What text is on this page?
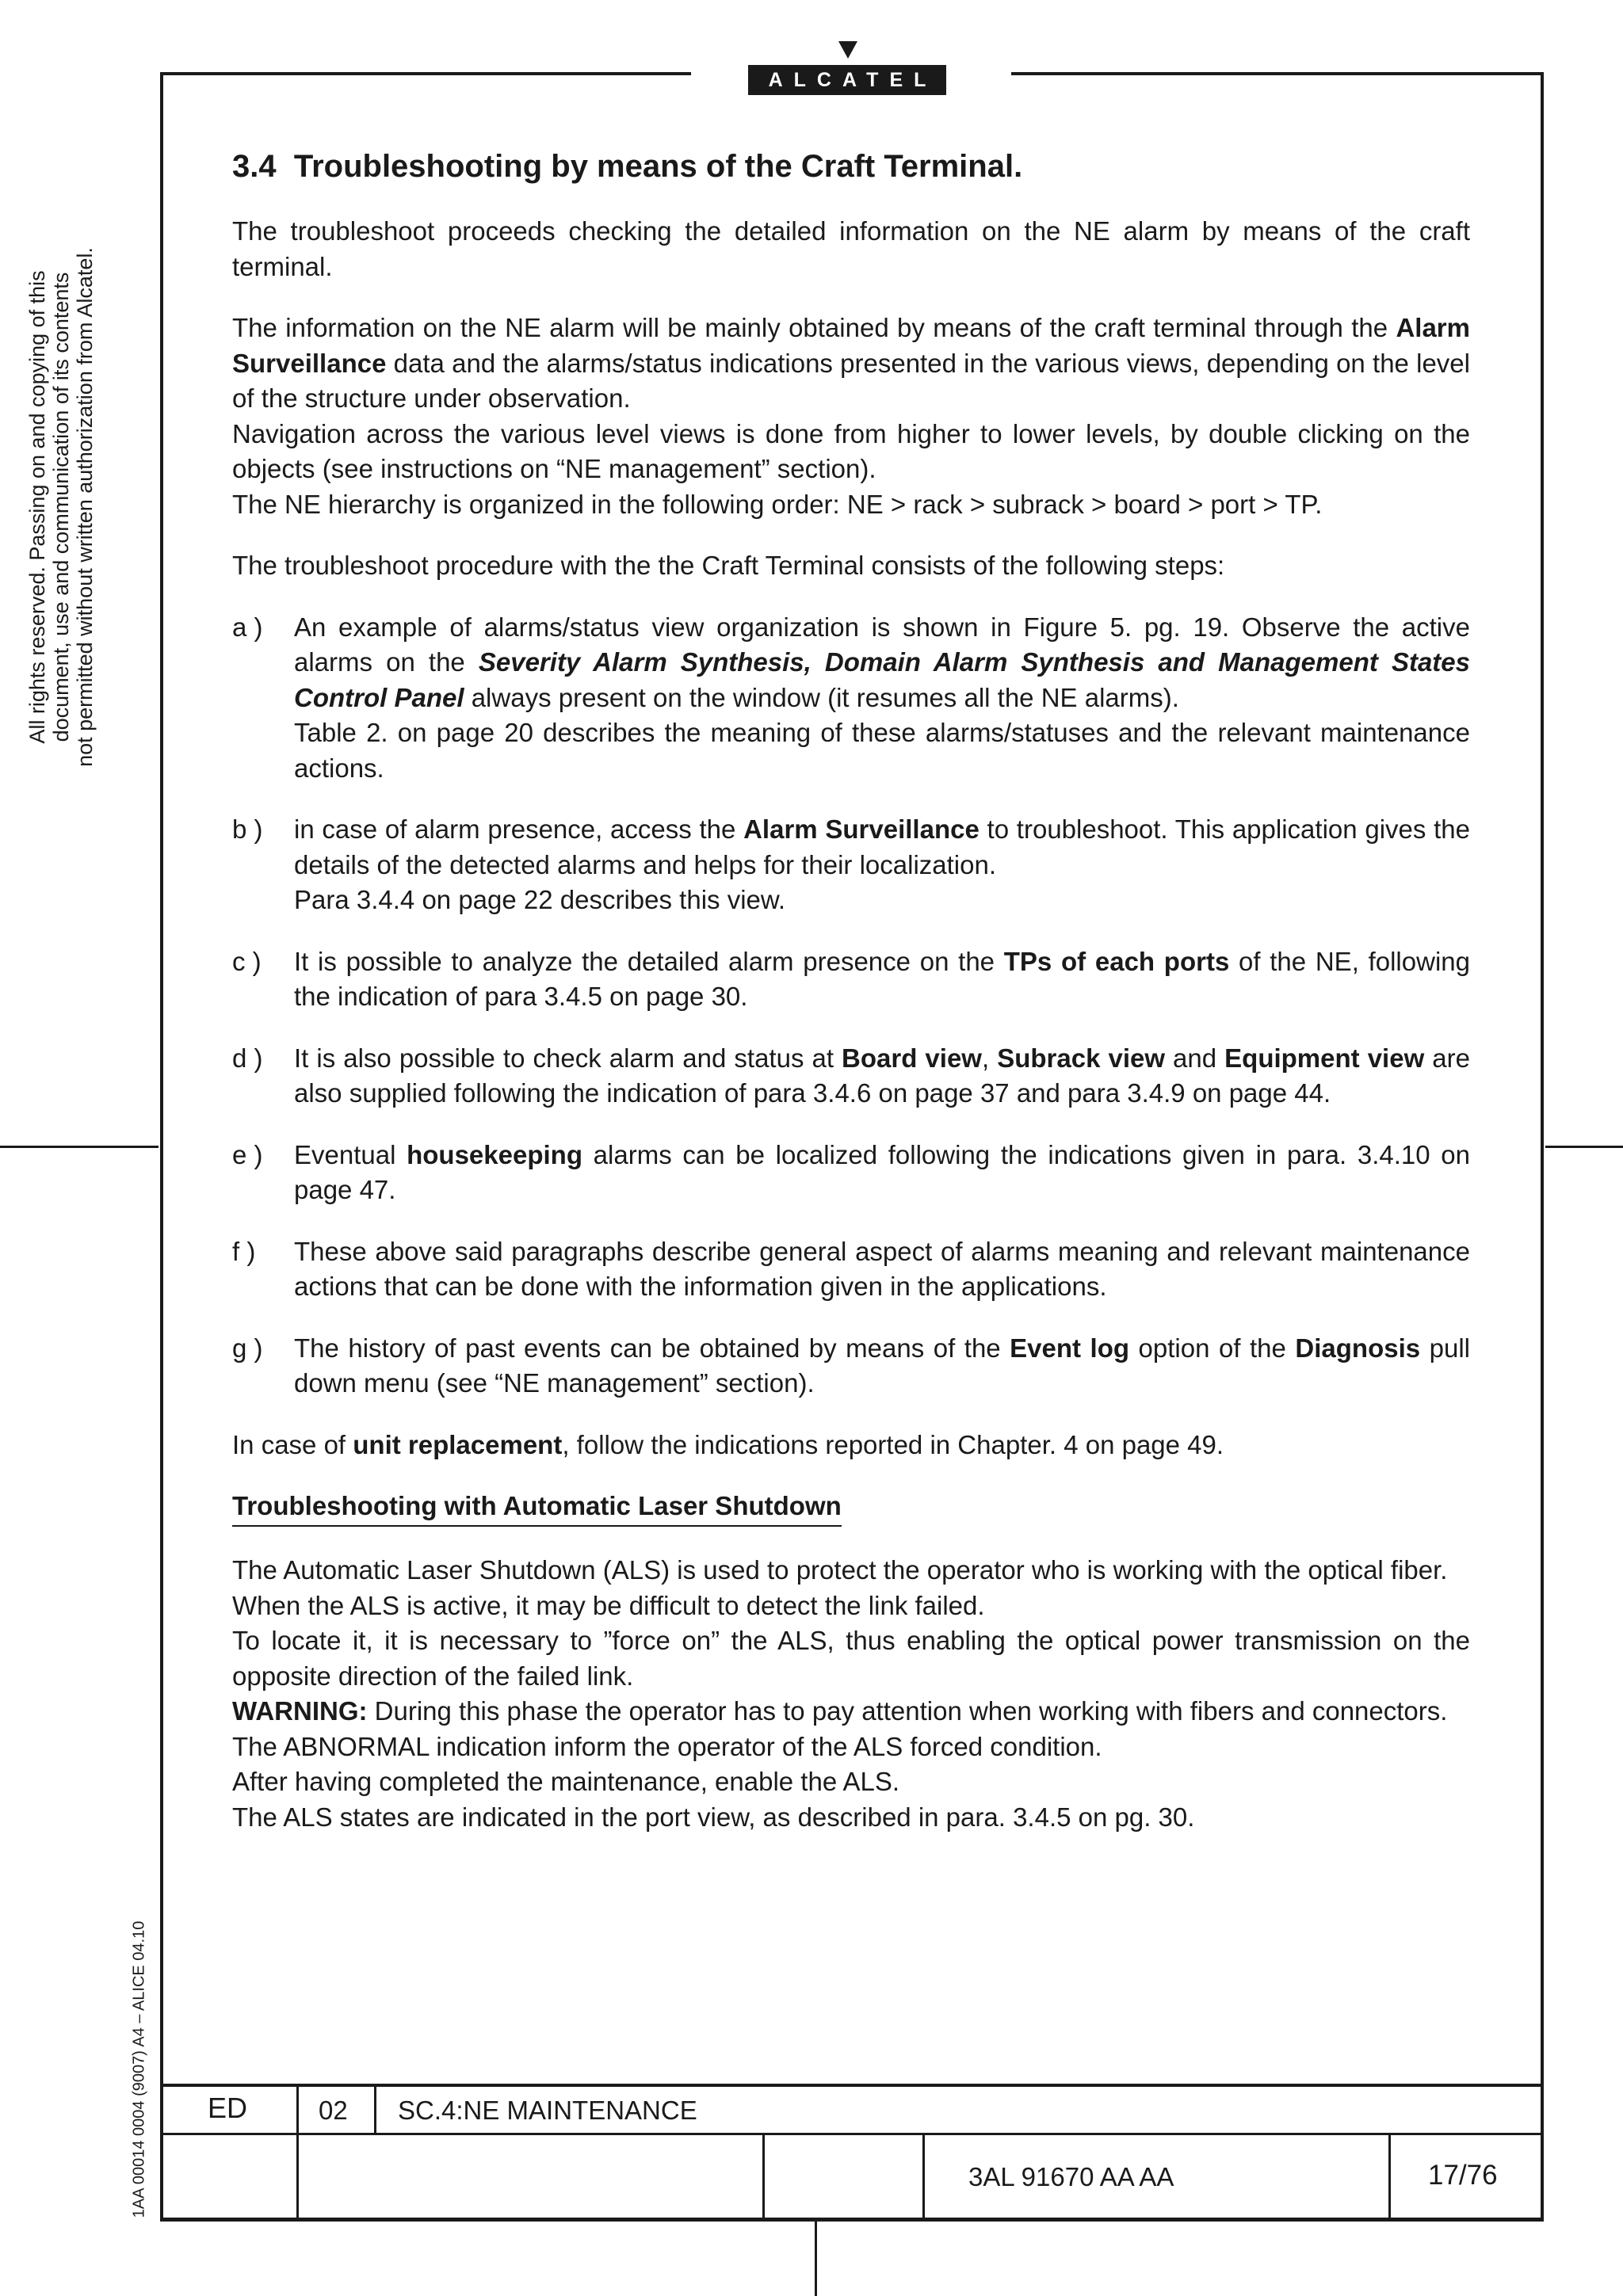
ALCATEL
All rights reserved. Passing on and copying of this document, use and communication of its contents not permitted without written authorization from Alcatel.
1AA 00014 0004 (9007) A4 – ALICE 04.10
3.4 Troubleshooting by means of the Craft Terminal.

The troubleshoot proceeds checking the detailed information on the NE alarm by means of the craft terminal.

The information on the NE alarm will be mainly obtained by means of the craft terminal through the Alarm Surveillance data and the alarms/status indications presented in the various views, depending on the level of the structure under observation.

Navigation across the various level views is done from higher to lower levels, by double clicking on the objects (see instructions on “NE management” section).

The NE hierarchy is organized in the following order: NE > rack > subrack > board > port > TP.

The troubleshoot procedure with the the Craft Terminal consists of the following steps:

a ) An example of alarms/status view organization is shown in Figure 5. pg. 19. Observe the active alarms on the Severity Alarm Synthesis, Domain Alarm Synthesis and Management States Control Panel always present on the window (it resumes all the NE alarms).
Table 2. on page 20 describes the meaning of these alarms/statuses and the relevant maintenance actions.
b ) in case of alarm presence, access the Alarm Surveillance to troubleshoot. This application gives the details of the detected alarms and helps for their localization.
Para 3.4.4 on page 22 describes this view.
c ) It is possible to analyze the detailed alarm presence on the TPs of each ports of the NE, following the indication of para 3.4.5 on page 30.
d ) It is also possible to check alarm and status at Board view, Subrack view and Equipment view are also supplied following the indication of para 3.4.6 on page 37 and para 3.4.9 on page 44.
e ) Eventual housekeeping alarms can be localized following the indications given in para. 3.4.10 on page 47.
f ) These above said paragraphs describe general aspect of alarms meaning and relevant maintenance actions that can be done with the information given in the applications.
g ) The history of past events can be obtained by means of the Event log option of the Diagnosis pull down menu (see “NE management” section).

In case of unit replacement, follow the indications reported in Chapter. 4 on page 49.

Troubleshooting with Automatic Laser Shutdown

The Automatic Laser Shutdown (ALS) is used to protect the operator who is working with the optical fiber.

When the ALS is active, it may be difficult to detect the link failed.

To locate it, it is necessary to ”force on” the ALS, thus enabling the optical power transmission on the opposite direction of the failed link.

WARNING: During this phase the operator has to pay attention when working with fibers and connectors.

The ABNORMAL indication inform the operator of the ALS forced condition.

After having completed the maintenance, enable the ALS.

The ALS states are indicated in the port view, as described in para. 3.4.5 on pg. 30.

ED	02 SC.4:NE MAINTENANCE
3AL 91670 AA AA	17/76
